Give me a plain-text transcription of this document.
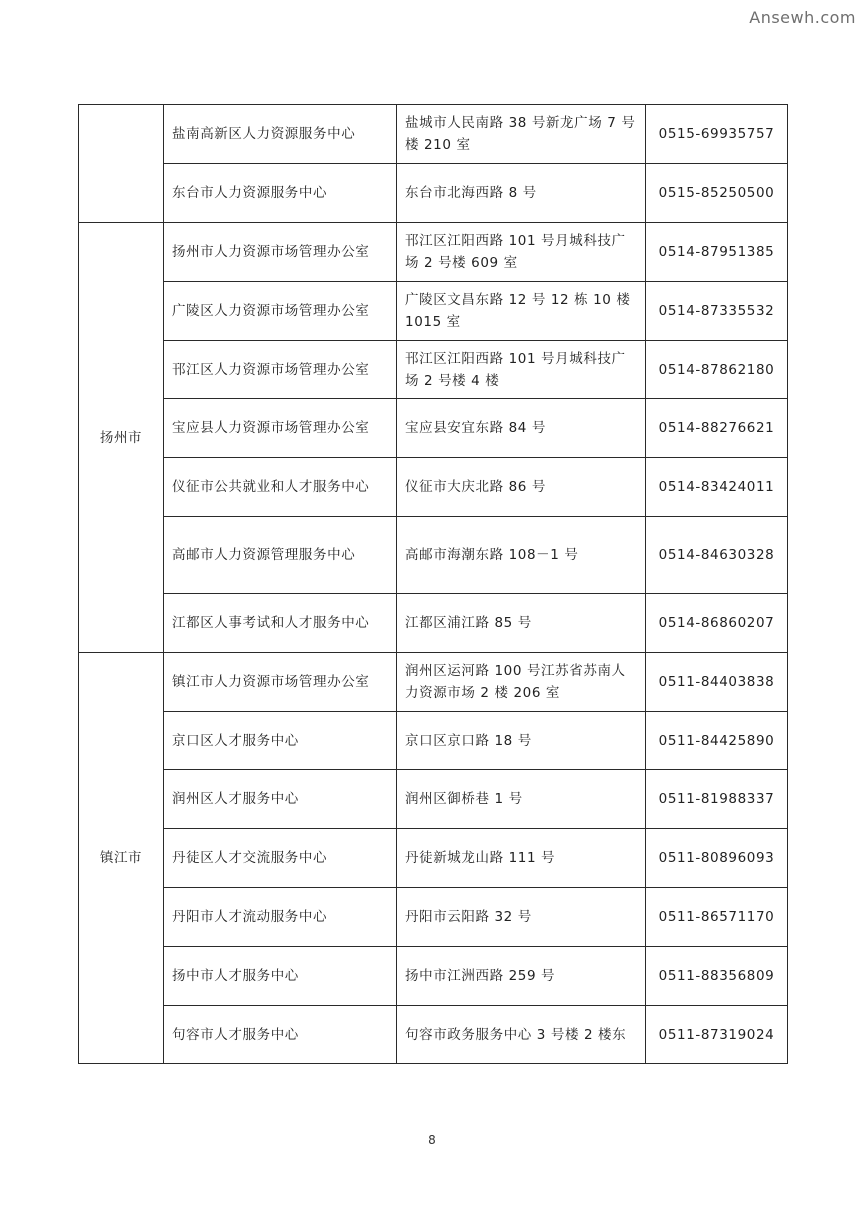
Ansewh.com
	盐南高新区人力资源服务中心	盐城市人民南路 38 号新龙广场 7 号楼 210 室	0515-69935757
	东台市人力资源服务中心	东台市北海西路 8 号	0515-85250500
扬州市	扬州市人力资源市场管理办公室	邗江区江阳西路 101 号月城科技广场 2 号楼 609 室	0514-87951385
	广陵区人力资源市场管理办公室	广陵区文昌东路 12 号 12 栋 10 楼 1015 室	0514-87335532
	邗江区人力资源市场管理办公室	邗江区江阳西路 101 号月城科技广场 2 号楼 4 楼	0514-87862180
	宝应县人力资源市场管理办公室	宝应县安宜东路 84 号	0514-88276621
	仪征市公共就业和人才服务中心	仪征市大庆北路 86 号	0514-83424011
	高邮市人力资源管理服务中心	高邮市海潮东路 108－1 号	0514-84630328
	江都区人事考试和人才服务中心	江都区浦江路 85 号	0514-86860207
镇江市	镇江市人力资源市场管理办公室	润州区运河路 100 号江苏省苏南人力资源市场 2 楼 206 室	0511-84403838
	京口区人才服务中心	京口区京口路 18 号	0511-84425890
	润州区人才服务中心	润州区御桥巷 1 号	0511-81988337
	丹徒区人才交流服务中心	丹徒新城龙山路 111 号	0511-80896093
	丹阳市人才流动服务中心	丹阳市云阳路 32 号	0511-86571170
	扬中市人才服务中心	扬中市江洲西路 259 号	0511-88356809
	句容市人才服务中心	句容市政务服务中心 3 号楼 2 楼东	0511-87319024
8
